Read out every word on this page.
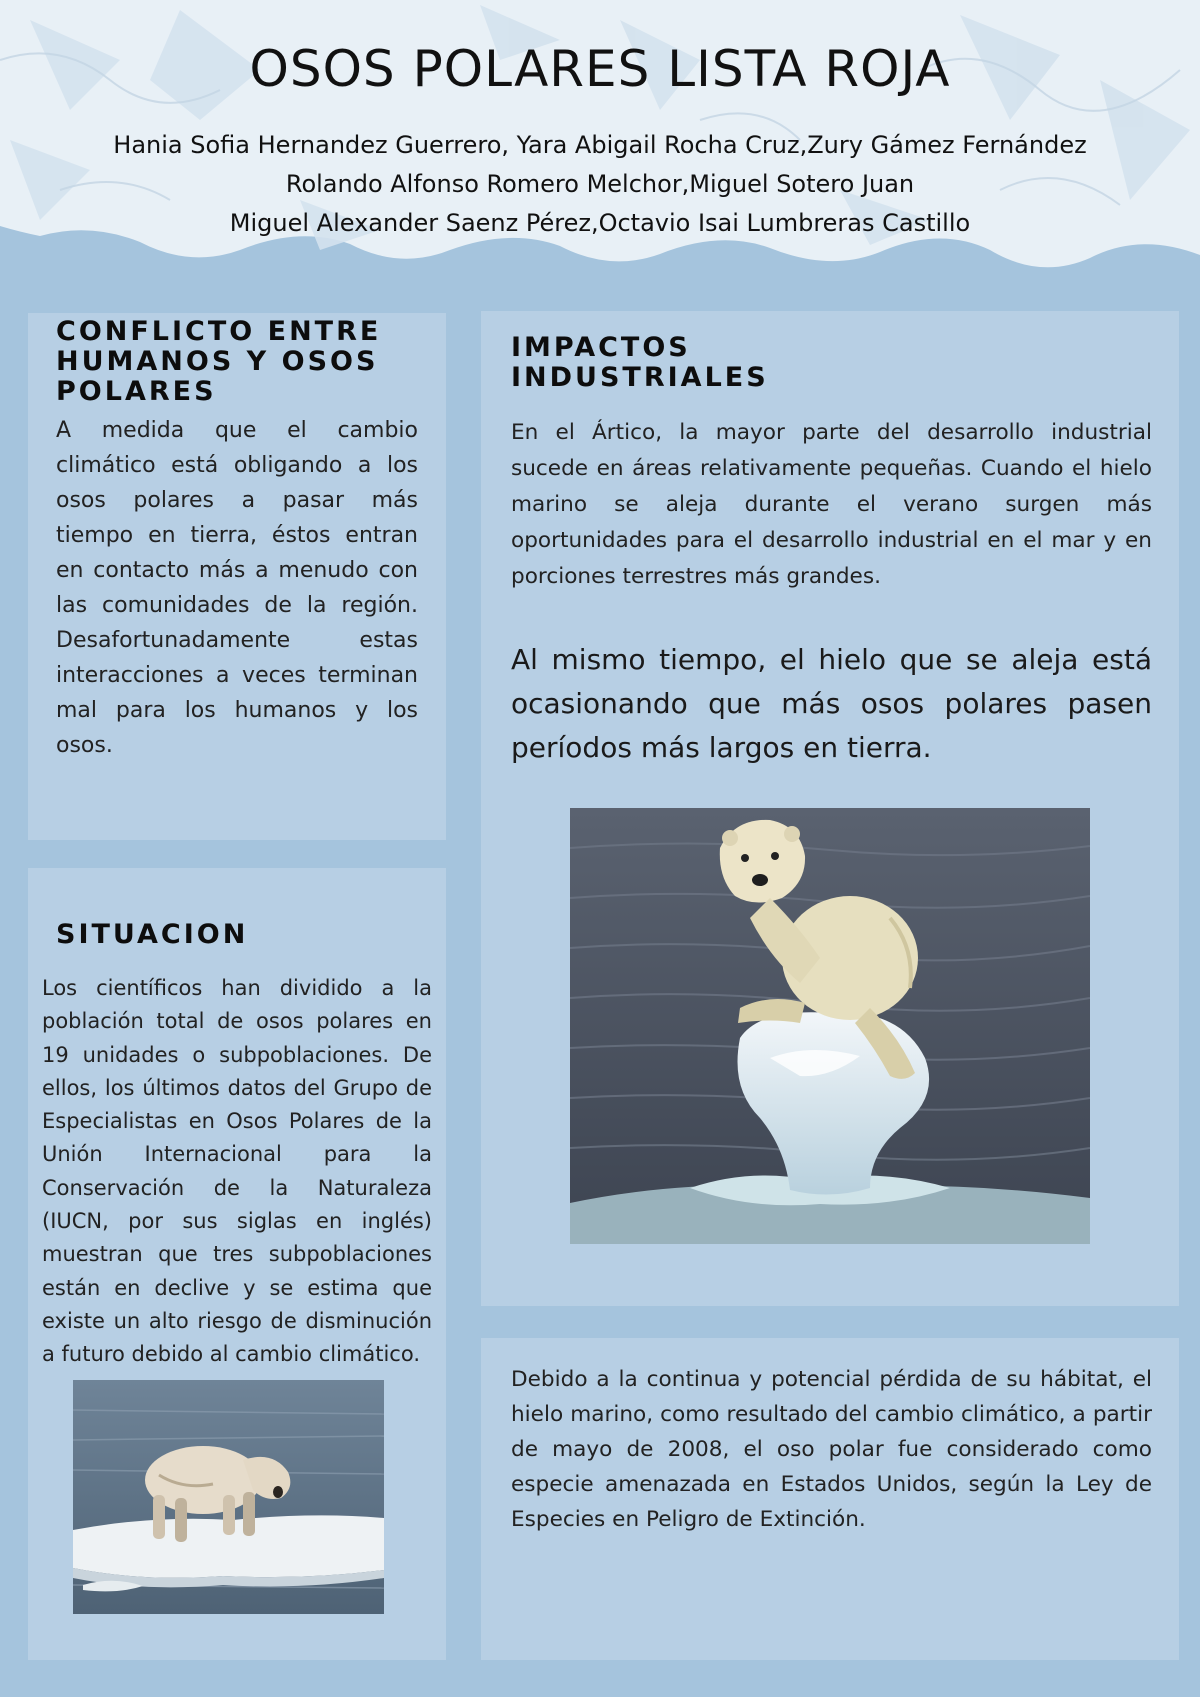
OSOS POLARES LISTA ROJA
Hania Sofia Hernandez Guerrero, Yara Abigail Rocha Cruz,Zury Gámez Fernández
Rolando Alfonso Romero Melchor,Miguel Sotero Juan
Miguel Alexander Saenz Pérez,Octavio Isai Lumbreras Castillo
CONFLICTO ENTRE
HUMANOS Y OSOS
POLARES

A medida que el cambio climático está obligando a los osos polares a pasar más tiempo en tierra, éstos entran en contacto más a menudo con las comunidades de la región. Desafortunadamente estas interacciones a veces terminan mal para los humanos y los osos.

SITUACION

Los científicos han dividido a la población total de osos polares en 19 unidades o subpoblaciones. De ellos, los últimos datos del Grupo de Especialistas en Osos Polares de la Unión Internacional para la Conservación de la Naturaleza (IUCN, por sus siglas en inglés) muestran que tres subpoblaciones están en declive y se estima que existe un alto riesgo de disminución a futuro debido al cambio climático.

IMPACTOS
INDUSTRIALES

En el Ártico, la mayor parte del desarrollo industrial sucede en áreas relativamente pequeñas. Cuando el hielo marino se aleja durante el verano surgen más oportunidades para el desarrollo industrial en el mar y en porciones terrestres más grandes.

Al mismo tiempo, el hielo que se aleja está ocasionando que más osos polares pasen períodos más largos en tierra.

Debido a la continua y potencial pérdida de su hábitat, el hielo marino, como resultado del cambio climático, a partir de mayo de 2008, el oso polar fue considerado como especie amenazada en Estados Unidos, según la Ley de Especies en Peligro de Extinción.
